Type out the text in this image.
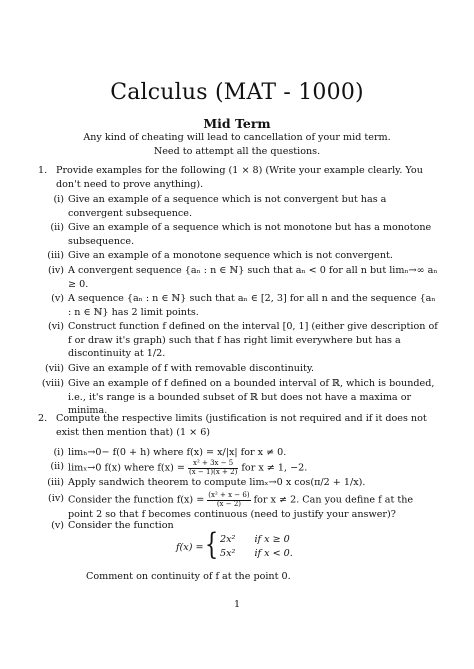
Calculus (MAT - 1000)
Mid Term
Any kind of cheating will lead to cancellation of your mid term.
Need to attempt all the questions.
1. Provide examples for the following (1 × 8) (Write your example clearly. You don't need to prove anything).
(i) Give an example of a sequence which is not convergent but has a convergent subsequence.
(ii) Give an example of a sequence which is not monotone but has a monotone subsequence.
(iii) Give an example of a monotone sequence which is not convergent.
(iv) A convergent sequence {aₙ : n ∈ ℕ} such that aₙ < 0 for all n but limₙ→∞ aₙ ≥ 0.
(v) A sequence {aₙ : n ∈ ℕ} such that aₙ ∈ [2, 3] for all n and the sequence {aₙ : n ∈ ℕ} has 2 limit points.
(vi) Construct function f defined on the interval [0, 1] (either give description of f or draw it's graph) such that f has right limit everywhere but has a discontinuity at 1/2.
(vii) Give an example of f with removable discontinuity.
(viii) Give an example of f defined on a bounded interval of ℝ, which is bounded, i.e., it's range is a bounded subset of ℝ but does not have a maxima or minima.
2. Compute the respective limits (justification is not required and if it does not exist then mention that) (1 × 6)
(i) limₕ→0− f(0 + h) where f(x) = x/|x| for x ≠ 0.
(ii) limₓ→0 f(x) where $f(x) = \frac{\text{x² + 3x − 5}}{(x - 1)(x + 2)}$ for x ≠ 1, −2.
(iii) Apply sandwich theorem to compute limₓ→0 x cos(π/2 + 1/x).
(iv) Consider the function $f(x) = \frac{\text{(x² + x − 6)}}{(x - 2)}$ for x ≠ 2. Can you define f at the point 2 so that f becomes continuous (need to justify your answer)?
(v) Consider the function
f(x) = { 2x² if x ≥ 0
5x² if x < 0.
Comment on continuity of f at the point 0.
1
